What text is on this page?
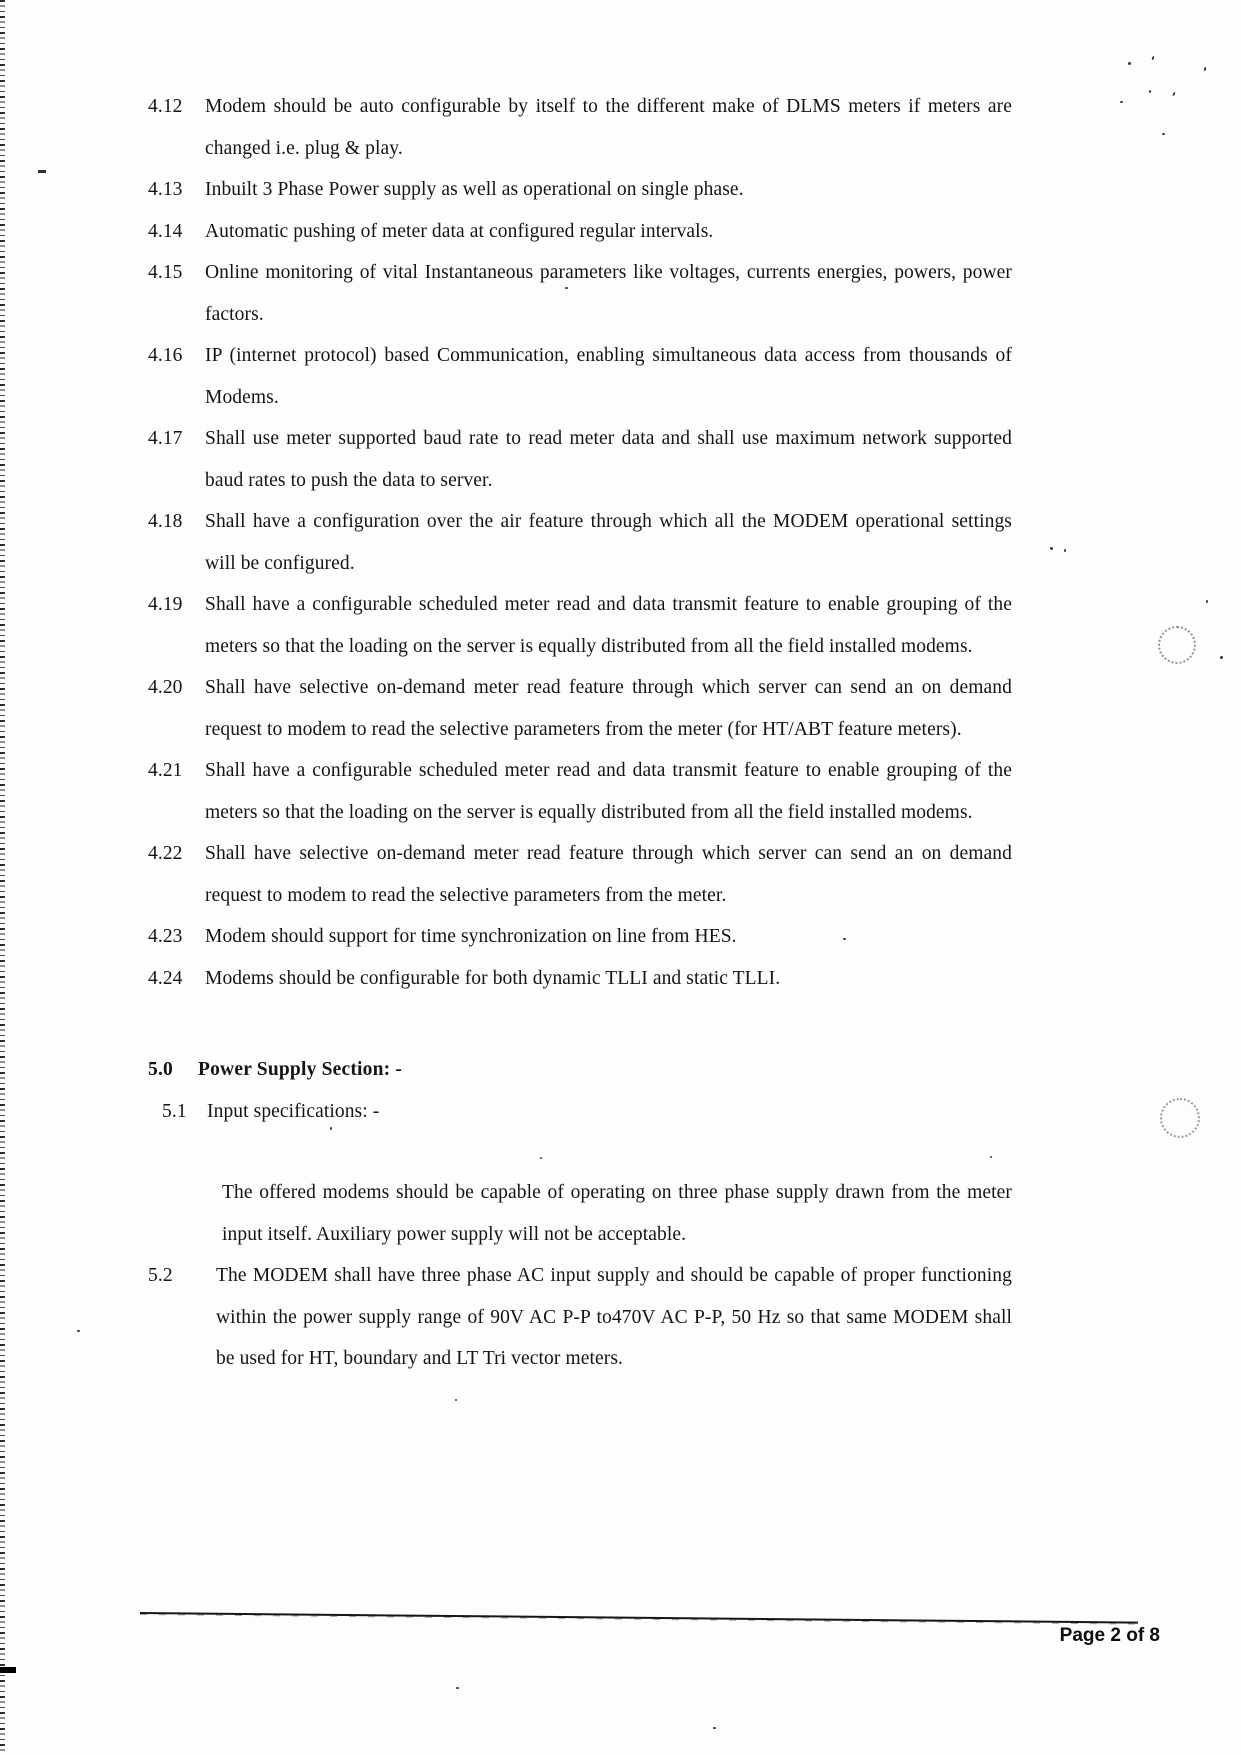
4.12	Modem should be auto configurable by itself to the different make of DLMS meters if meters are changed i.e. plug & play.
4.13	Inbuilt 3 Phase Power supply as well as operational on single phase.
4.14	Automatic pushing of meter data at configured regular intervals.
4.15	Online monitoring of vital Instantaneous parameters like voltages, currents energies, powers, power factors.
4.16	IP (internet protocol) based Communication, enabling simultaneous data access from thousands of Modems.
4.17	Shall use meter supported baud rate to read meter data and shall use maximum network supported baud rates to push the data to server.
4.18	Shall have a configuration over the air feature through which all the MODEM operational settings will be configured.
4.19	Shall have a configurable scheduled meter read and data transmit feature to enable grouping of the meters so that the loading on the server is equally distributed from all the field installed modems.
4.20	Shall have selective on-demand meter read feature through which server can send an on demand request to modem to read the selective parameters from the meter (for HT/ABT feature meters).
4.21	Shall have a configurable scheduled meter read and data transmit feature to enable grouping of the meters so that the loading on the server is equally distributed from all the field installed modems.
4.22	Shall have selective on-demand meter read feature through which server can send an on demand request to modem to read the selective parameters from the meter.
4.23	Modem should support for time synchronization on line from HES.
4.24	Modems should be configurable for both dynamic TLLI and static TLLI.
5.0	Power Supply Section: -
5.1	Input specifications: -
The offered modems should be capable of operating on three phase supply drawn from the meter input itself. Auxiliary power supply will not be acceptable.
5.2	The MODEM shall have three phase AC input supply and should be capable of proper functioning within the power supply range of 90V AC P-P to470V AC P-P, 50 Hz so that same MODEM shall be used for HT, boundary and LT Tri vector meters.
Page 2 of 8
